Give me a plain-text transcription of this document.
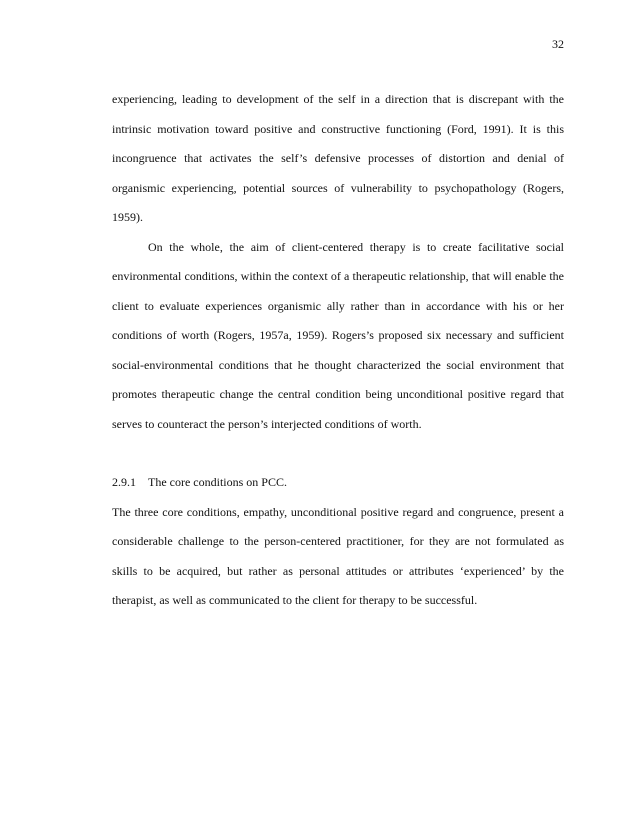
32

experiencing, leading to development of the self in a direction that is discrepant with the intrinsic motivation toward positive and constructive functioning (Ford, 1991). It is this incongruence that activates the self’s defensive processes of distortion and denial of organismic experiencing, potential sources of vulnerability to psychopathology (Rogers, 1959).

On the whole, the aim of client-centered therapy is to create facilitative social environmental conditions, within the context of a therapeutic relationship, that will enable the client to evaluate experiences organismic ally rather than in accordance with his or her conditions of worth (Rogers, 1957a, 1959). Rogers’s proposed six necessary and sufficient social-environmental conditions that he thought characterized the social environment that promotes therapeutic change the central condition being unconditional positive regard that serves to counteract the person’s interjected conditions of worth.

2.9.1 The core conditions on PCC.

The three core conditions, empathy, unconditional positive regard and congruence, present a considerable challenge to the person-centered practitioner, for they are not formulated as skills to be acquired, but rather as personal attitudes or attributes ‘experienced’ by the therapist, as well as communicated to the client for therapy to be successful.
